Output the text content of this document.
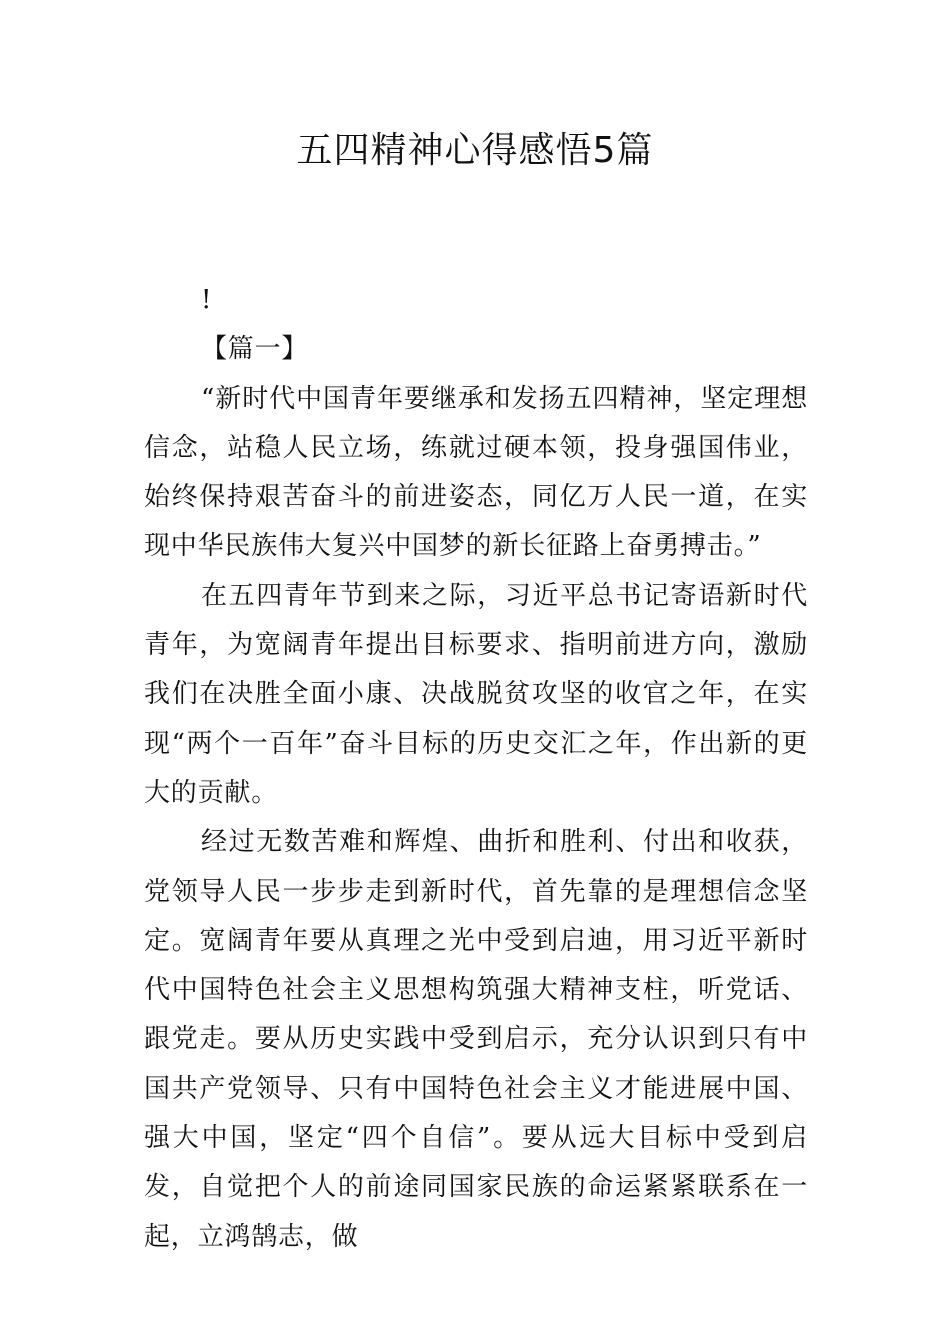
五四精神心得感悟5篇

!

【篇一】

“新时代中国青年要继承和发扬五四精神，坚定理想信念，站稳人民立场，练就过硬本领，投身强国伟业，始终保持艰苦奋斗的前进姿态，同亿万人民一道，在实现中华民族伟大复兴中国梦的新长征路上奋勇搏击。”

在五四青年节到来之际，习近平总书记寄语新时代青年，为宽阔青年提出目标要求、指明前进方向，激励我们在决胜全面小康、决战脱贫攻坚的收官之年，在实现“两个一百年”奋斗目标的历史交汇之年，作出新的更大的贡献。

经过无数苦难和辉煌、曲折和胜利、付出和收获，党领导人民一步步走到新时代，首先靠的是理想信念坚定。宽阔青年要从真理之光中受到启迪，用习近平新时代中国特色社会主义思想构筑强大精神支柱，听党话、跟党走。要从历史实践中受到启示，充分认识到只有中国共产党领导、只有中国特色社会主义才能进展中国、强大中国，坚定“四个自信”。要从远大目标中受到启发，自觉把个人的前途同国家民族的命运紧紧联系在一起，立鸿鹄志，做
